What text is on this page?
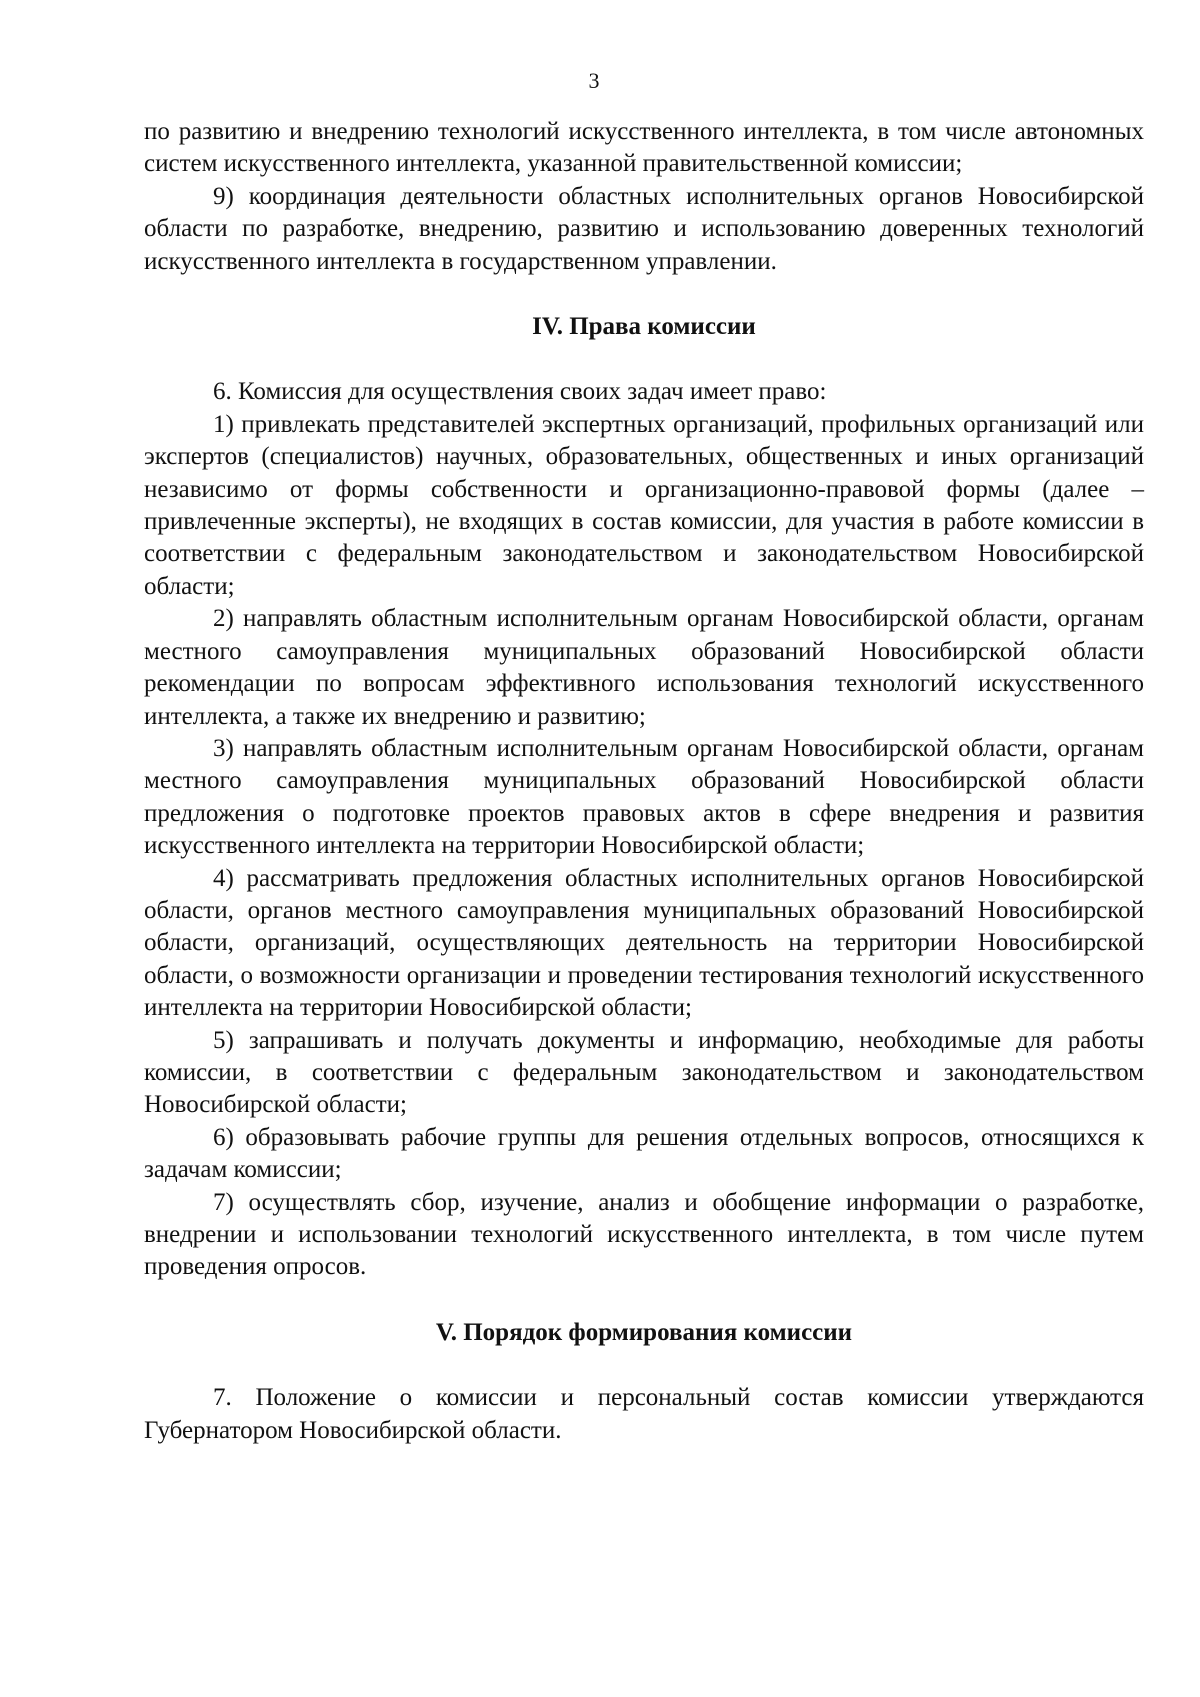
3

по развитию и внедрению технологий искусственного интеллекта, в том числе автономных систем искусственного интеллекта, указанной правительственной комиссии;

9) координация деятельности областных исполнительных органов Новосибирской области по разработке, внедрению, развитию и использованию доверенных технологий искусственного интеллекта в государственном управлении.

IV. Права комиссии

6. Комиссия для осуществления своих задач имеет право:

1) привлекать представителей экспертных организаций, профильных организаций или экспертов (специалистов) научных, образовательных, общественных и иных организаций независимо от формы собственности и организационно-правовой формы (далее – привлеченные эксперты), не входящих в состав комиссии, для участия в работе комиссии в соответствии с федеральным законодательством и законодательством Новосибирской области;

2) направлять областным исполнительным органам Новосибирской области, органам местного самоуправления муниципальных образований Новосибирской области рекомендации по вопросам эффективного использования технологий искусственного интеллекта, а также их внедрению и развитию;

3) направлять областным исполнительным органам Новосибирской области, органам местного самоуправления муниципальных образований Новосибирской области предложения о подготовке проектов правовых актов в сфере внедрения и развития искусственного интеллекта на территории Новосибирской области;

4) рассматривать предложения областных исполнительных органов Новосибирской области, органов местного самоуправления муниципальных образований Новосибирской области, организаций, осуществляющих деятельность на территории Новосибирской области, о возможности организации и проведении тестирования технологий искусственного интеллекта на территории Новосибирской области;

5) запрашивать и получать документы и информацию, необходимые для работы комиссии, в соответствии с федеральным законодательством и законодательством Новосибирской области;

6) образовывать рабочие группы для решения отдельных вопросов, относящихся к задачам комиссии;

7) осуществлять сбор, изучение, анализ и обобщение информации о разработке, внедрении и использовании технологий искусственного интеллекта, в том числе путем проведения опросов.

V. Порядок формирования комиссии

7. Положение о комиссии и персональный состав комиссии утверждаются Губернатором Новосибирской области.
